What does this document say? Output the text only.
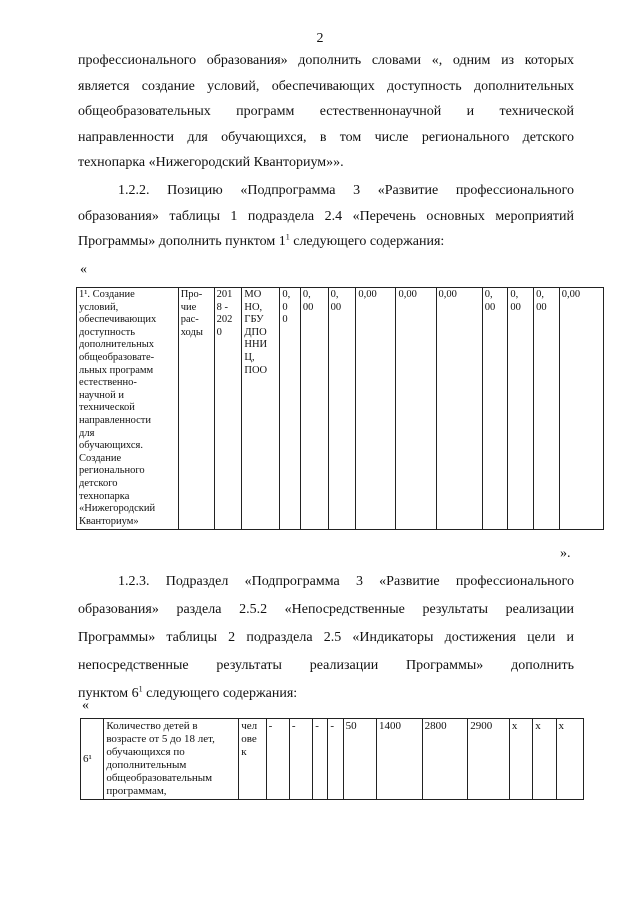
2
профессионального образования» дополнить словами «, одним из которых
является создание условий, обеспечивающих доступность дополнительных
общеобразовательных программ естественнонаучной и технической
направленности для обучающихся, в том числе регионального детского
технопарка «Нижегородский Кванториум»».
1.2.2. Позицию «Подпрограмма 3 «Развитие профессионального
образования» таблицы 1 подраздела 2.4 «Перечень основных мероприятий
Программы» дополнить пунктом $1^1$ следующего содержания:
«
1¹. Создание
условий,
обеспечивающих
доступность
дополнительных
общеобразовате-
льных программ
естественно-
научной и
технической
направленности
для
обучающихся.
Создание
регионального
детского
технопарка
«Нижегородский
Кванториум»	Про-
чие
рас-
ходы	201
8 -
202
0	МО
НО,
ГБУ
ДПО
ННИ
Ц,
ПОО	0,
0
0	0,
00	0,
00	0,00	0,00	0,00	0,
00	0,
00	0,
00	0,00
».
1.2.3. Подраздел «Подпрограмма 3 «Развитие профессионального
образования» раздела 2.5.2 «Непосредственные результаты реализации
Программы» таблицы 2 подраздела 2.5 «Индикаторы достижения цели и
непосредственные результаты реализации Программы» дополнить
пунктом $6^1$ следующего содержания:
«
6¹	Количество детей в
возрасте от 5 до 18 лет,
обучающихся по
дополнительным
общеобразовательным
программам,	чел
ове
к	-	-	-	-	50	1400	2800	2900	х	х	х
